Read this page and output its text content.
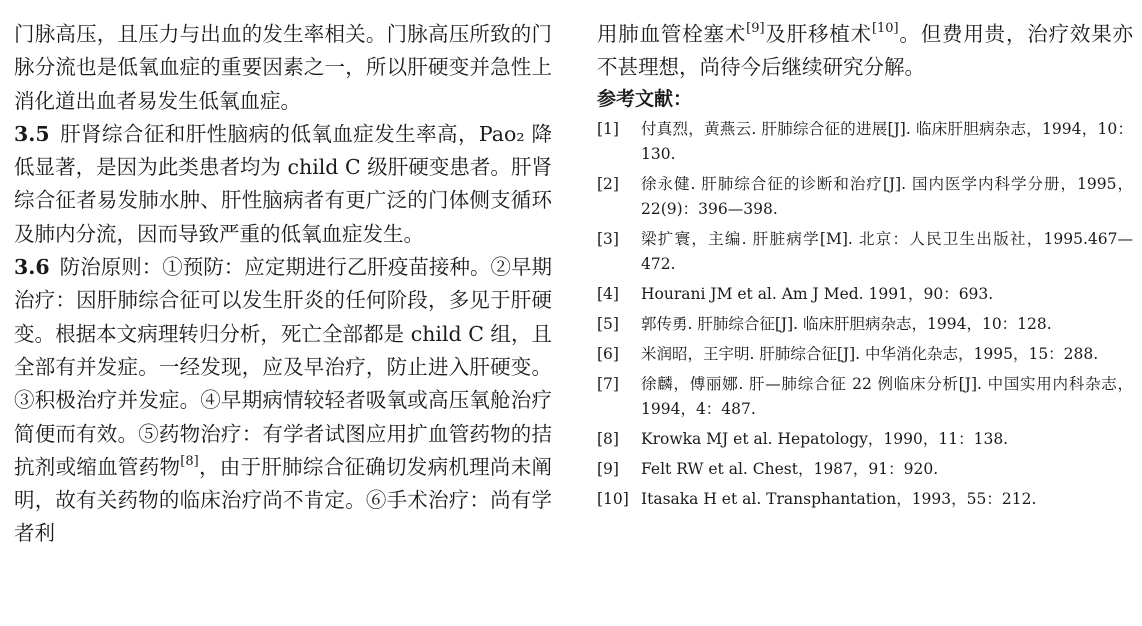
门脉高压，且压力与出血的发生率相关。门脉高压所致的门脉分流也是低氧血症的重要因素之一，所以肝硬变并急性上消化道出血者易发生低氧血症。

3.5 肝肾综合征和肝性脑病的低氧血症发生率高，Pao₂ 降低显著，是因为此类患者均为 child C 级肝硬变患者。肝肾综合征者易发肺水肿、肝性脑病者有更广泛的门体侧支循环及肺内分流，因而导致严重的低氧血症发生。

3.6 防治原则：①预防：应定期进行乙肝疫苗接种。②早期治疗：因肝肺综合征可以发生肝炎的任何阶段，多见于肝硬变。根据本文病理转归分析，死亡全部都是 child C 组，且全部有并发症。一经发现，应及早治疗，防止进入肝硬变。③积极治疗并发症。④早期病情较轻者吸氧或高压氧舱治疗简便而有效。⑤药物治疗：有学者试图应用扩血管药物的拮抗剂或缩血管药物[8]，由于肝肺综合征确切发病机理尚未阐明，故有关药物的临床治疗尚不肯定。⑥手术治疗：尚有学者利

用肺血管栓塞术[9]及肝移植术[10]。但费用贵，治疗效果亦不甚理想，尚待今后继续研究分解。

参考文献：
[1] 付真烈，黄燕云. 肝肺综合征的进展[J]. 临床肝胆病杂志，1994，10：130.
[2] 徐永健. 肝肺综合征的诊断和治疗[J]. 国内医学内科学分册，1995，22(9)：396—398.
[3] 梁扩寰，主编. 肝脏病学[M]. 北京：人民卫生出版社，1995.467—472.
[4] Hourani JM et al. Am J Med. 1991，90：693.
[5] 郭传勇. 肝肺综合征[J]. 临床肝胆病杂志，1994，10：128.
[6] 米润昭，王宇明. 肝肺综合征[J]. 中华消化杂志，1995，15：288.
[7] 徐麟，傅丽娜. 肝—肺综合征 22 例临床分析[J]. 中国实用内科杂志，1994，4：487.
[8] Krowka MJ et al. Hepatology，1990，11：138.
[9] Felt RW et al. Chest，1987，91：920.
[10] Itasaka H et al. Transphantation，1993，55：212.
